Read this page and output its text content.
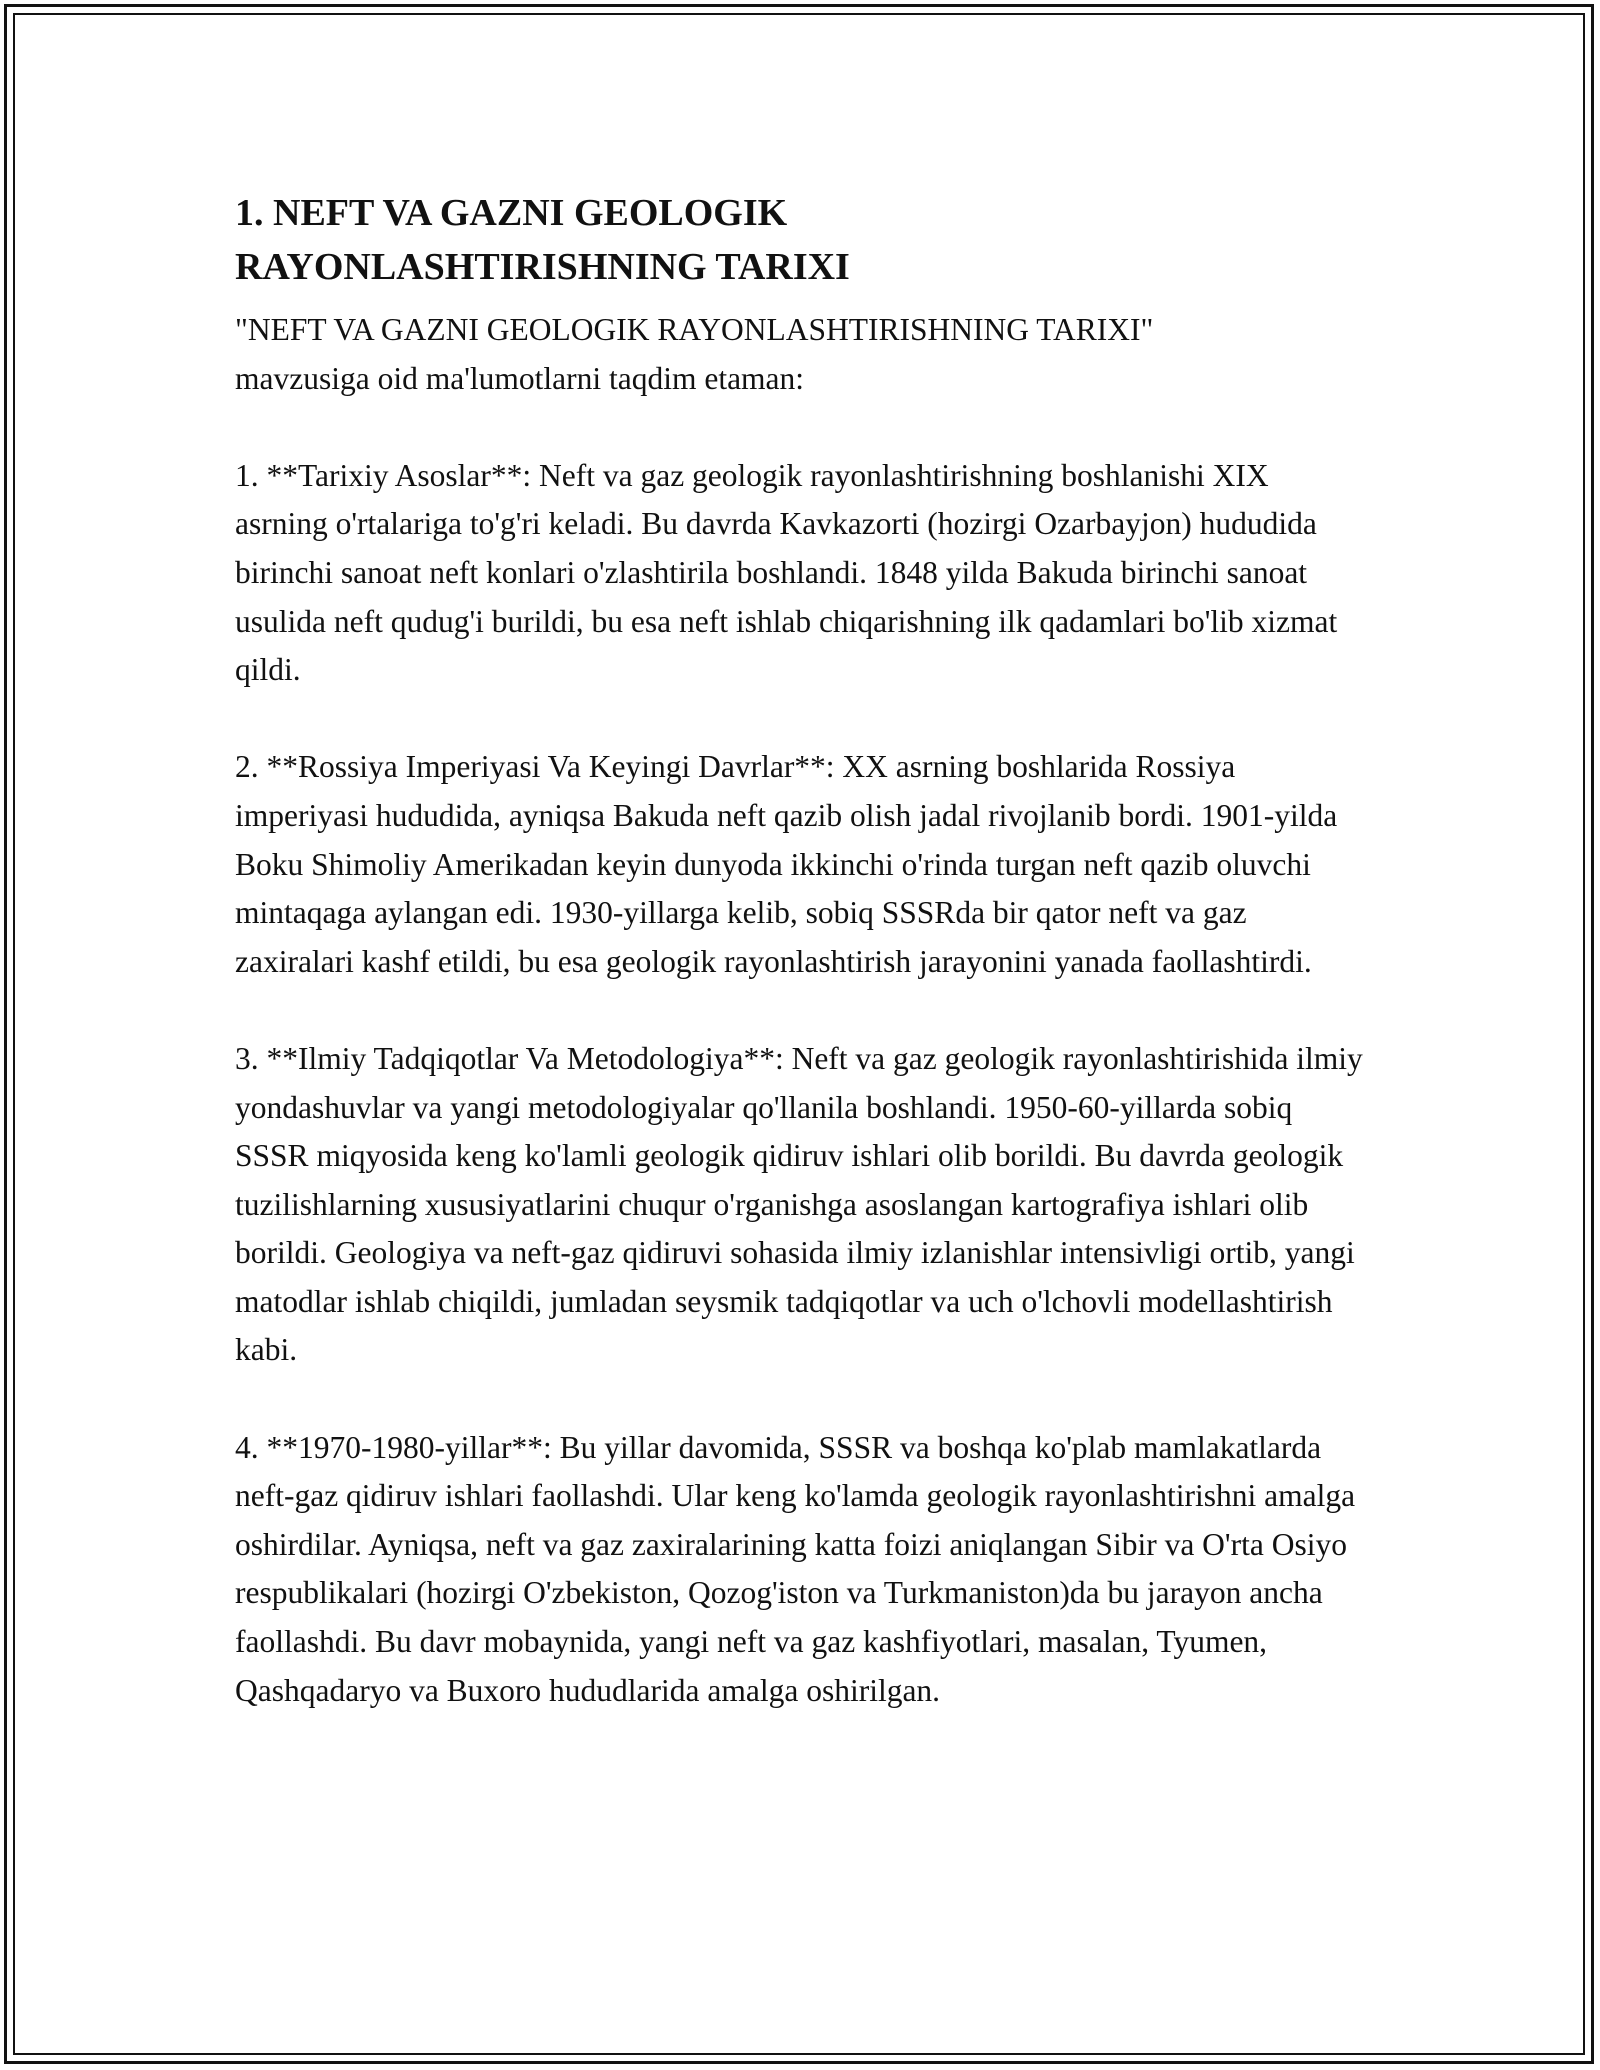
1. NEFT VA GAZNI GEOLOGIK
RAYONLASHTIRISHNING TARIXI

"NEFT VA GAZNI GEOLOGIK RAYONLASHTIRISHNING TARIXI"
mavzusiga oid ma'lumotlarni taqdim etaman:

1. **Tarixiy Asoslar**: Neft va gaz geologik rayonlashtirishning boshlanishi XIX asrning o'rtalariga to'g'ri keladi. Bu davrda Kavkazorti (hozirgi Ozarbayjon) hududida birinchi sanoat neft konlari o'zlashtirila boshlandi. 1848 yilda Bakuda birinchi sanoat usulida neft qudug'i burildi, bu esa neft ishlab chiqarishning ilk qadamlari bo'lib xizmat qildi.

2. **Rossiya Imperiyasi Va Keyingi Davrlar**: XX asrning boshlarida Rossiya imperiyasi hududida, ayniqsa Bakuda neft qazib olish jadal rivojlanib bordi. 1901-yilda Boku Shimoliy Amerikadan keyin dunyoda ikkinchi o'rinda turgan neft qazib oluvchi mintaqaga aylangan edi. 1930-yillarga kelib, sobiq SSSRda bir qator neft va gaz zaxiralari kashf etildi, bu esa geologik rayonlashtirish jarayonini yanada faollashtirdi.

3. **Ilmiy Tadqiqotlar Va Metodologiya**: Neft va gaz geologik rayonlashtirishida ilmiy yondashuvlar va yangi metodologiyalar qo'llanila boshlandi. 1950-60-yillarda sobiq SSSR miqyosida keng ko'lamli geologik qidiruv ishlari olib borildi. Bu davrda geologik tuzilishlarning xususiyatlarini chuqur o'rganishga asoslangan kartografiya ishlari olib borildi. Geologiya va neft-gaz qidiruvi sohasida ilmiy izlanishlar intensivligi ortib, yangi matodlar ishlab chiqildi, jumladan seysmik tadqiqotlar va uch o'lchovli modellashtirish kabi.

4. **1970-1980-yillar**: Bu yillar davomida, SSSR va boshqa ko'plab mamlakatlarda neft-gaz qidiruv ishlari faollashdi. Ular keng ko'lamda geologik rayonlashtirishni amalga oshirdilar. Ayniqsa, neft va gaz zaxiralarining katta foizi aniqlangan Sibir va O'rta Osiyo respublikalari (hozirgi O'zbekiston, Qozog'iston va Turkmaniston)da bu jarayon ancha faollashdi. Bu davr mobaynida, yangi neft va gaz kashfiyotlari, masalan, Tyumen, Qashqadaryo va Buxoro hududlarida amalga oshirilgan.
